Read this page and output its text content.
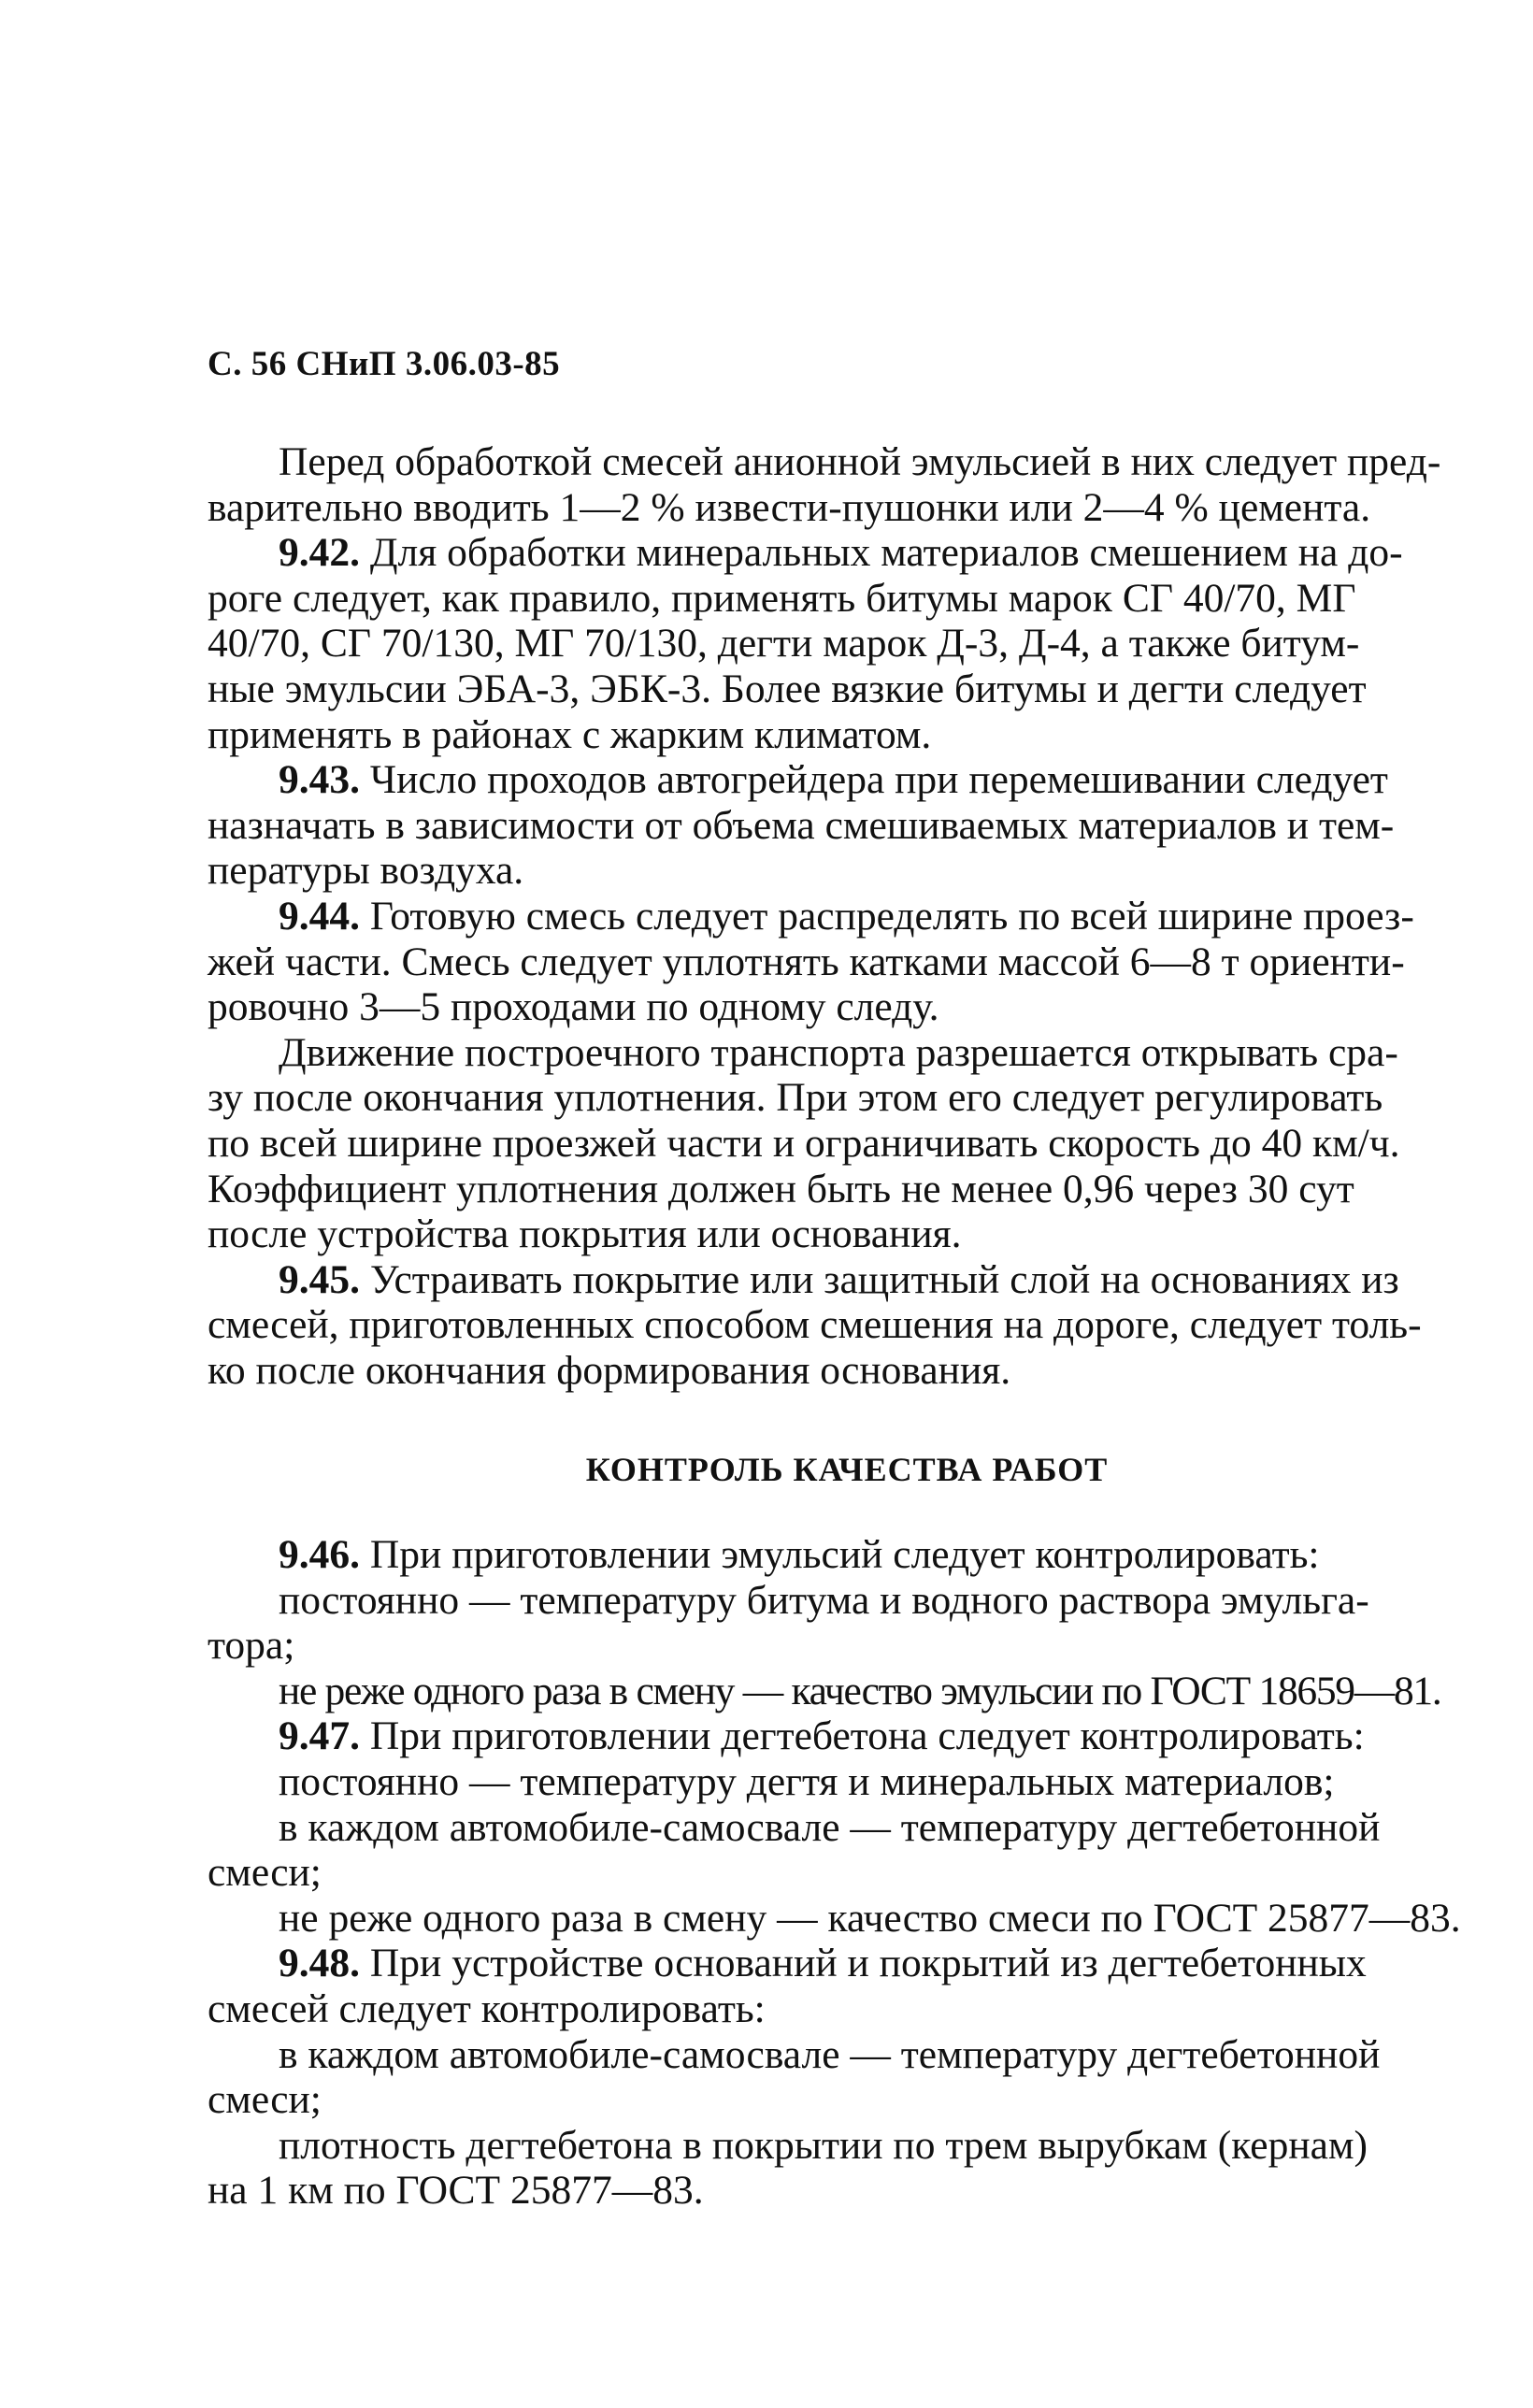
С. 56 СНиП 3.06.03-85

Перед обработкой смесей анионной эмульсией в них следует пред-
варительно вводить 1—2 % извести-пушонки или 2—4 % цемента.

9.42. Для обработки минеральных материалов смешением на до-
роге следует, как правило, применять битумы марок СГ 40/70, МГ
40/70, СГ 70/130, МГ 70/130, дегти марок Д-3, Д-4, а также битум-
ные эмульсии ЭБА-3, ЭБК-3. Более вязкие битумы и дегти следует
применять в районах с жарким климатом.

9.43. Число проходов автогрейдера при перемешивании следует
назначать в зависимости от объема смешиваемых материалов и тем-
пературы воздуха.

9.44. Готовую смесь следует распределять по всей ширине проез-
жей части. Смесь следует уплотнять катками массой 6—8 т ориенти-
ровочно 3—5 проходами по одному следу.

Движение построечного транспорта разрешается открывать сра-
зу после окончания уплотнения. При этом его следует регулировать
по всей ширине проезжей части и ограничивать скорость до 40 км/ч.
Коэффициент уплотнения должен быть не менее 0,96 через 30 сут
после устройства покрытия или основания.

9.45. Устраивать покрытие или защитный слой на основаниях из
смесей, приготовленных способом смешения на дороге, следует толь-
ко после окончания формирования основания.

КОНТРОЛЬ КАЧЕСТВА РАБОТ

9.46. При приготовлении эмульсий следует контролировать:

постоянно — температуру битума и водного раствора эмульга-
тора;

не реже одного раза в смену — качество эмульсии по ГОСТ 18659—81.

9.47. При приготовлении дегтебетона следует контролировать:

постоянно — температуру дегтя и минеральных материалов;

в каждом автомобиле-самосвале — температуру дегтебетонной
смеси;

не реже одного раза в смену — качество смеси по ГОСТ 25877—83.

9.48. При устройстве оснований и покрытий из дегтебетонных
смесей следует контролировать:

в каждом автомобиле-самосвале — температуру дегтебетонной
смеси;

плотность дегтебетона в покрытии по трем вырубкам (кернам)
на 1 км по ГОСТ 25877—83.
